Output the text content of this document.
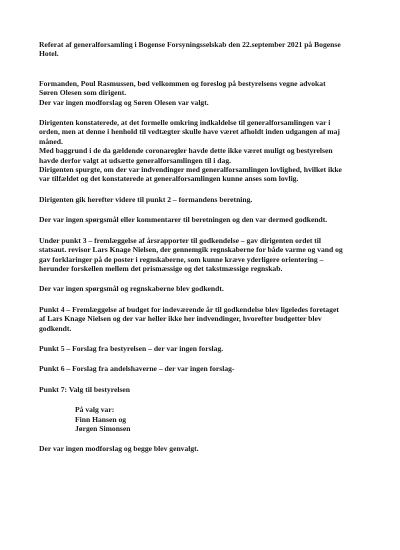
Referat af generalforsamling i Bogense Forsyningsselskab den 22.september 2021 på Bogense
Hotel.

Formanden, Poul Rasmussen, bød velkommen og foreslog på bestyrelsens vegne advokat
Søren Olesen som dirigent.
Der var ingen modforslag og Søren Olesen var valgt.

Dirigenten konstaterede, at det formelle omkring indkaldelse til generalforsamlingen var i
orden, men at denne i henhold til vedtægter skulle have været afholdt inden udgangen af maj
måned.
Med baggrund i de da gældende coronaregler havde dette ikke været muligt og bestyrelsen
havde derfor valgt at udsætte generalforsamlingen til i dag.
Dirigenten spurgte, om der var indvendinger med generalforsamlingen lovlighed, hvilket ikke
var tilfældet og det konstaterede at generalforsamlingen kunne anses som lovlig.

Dirigenten gik herefter videre til punkt 2 – formandens beretning.

Der var ingen spørgsmål eller kommentarer til beretningen og den var dermed godkendt.

Under punkt 3 – fremlæggelse af årsrapporter til godkendelse – gav dirigenten ordet til
statsaut. revisor Lars Knage Nielsen, der gennemgik regnskaberne for både varme og vand og
gav forklaringer på de poster i regnskaberne, som kunne kræve yderligere orientering –
herunder forskellen mellem det prismæssige og det takstmæssige regnskab.

Der var ingen spørgsmål og regnskaberne blev godkendt.

Punkt 4 – Fremlæggelse af budget for indeværende år til godkendelse blev ligeledes foretaget
af Lars Knage Nielsen og der var heller ikke her indvendinger, hvorefter budgetter blev
godkendt.

Punkt 5 – Forslag fra bestyrelsen – der var ingen forslag.

Punkt 6 – Forslag fra andelshaverne – der var ingen forslag-

Punkt 7: Valg til bestyrelsen

På valg var:
Finn Hansen og
Jørgen Simonsen

Der var ingen modforslag og begge blev genvalgt.
